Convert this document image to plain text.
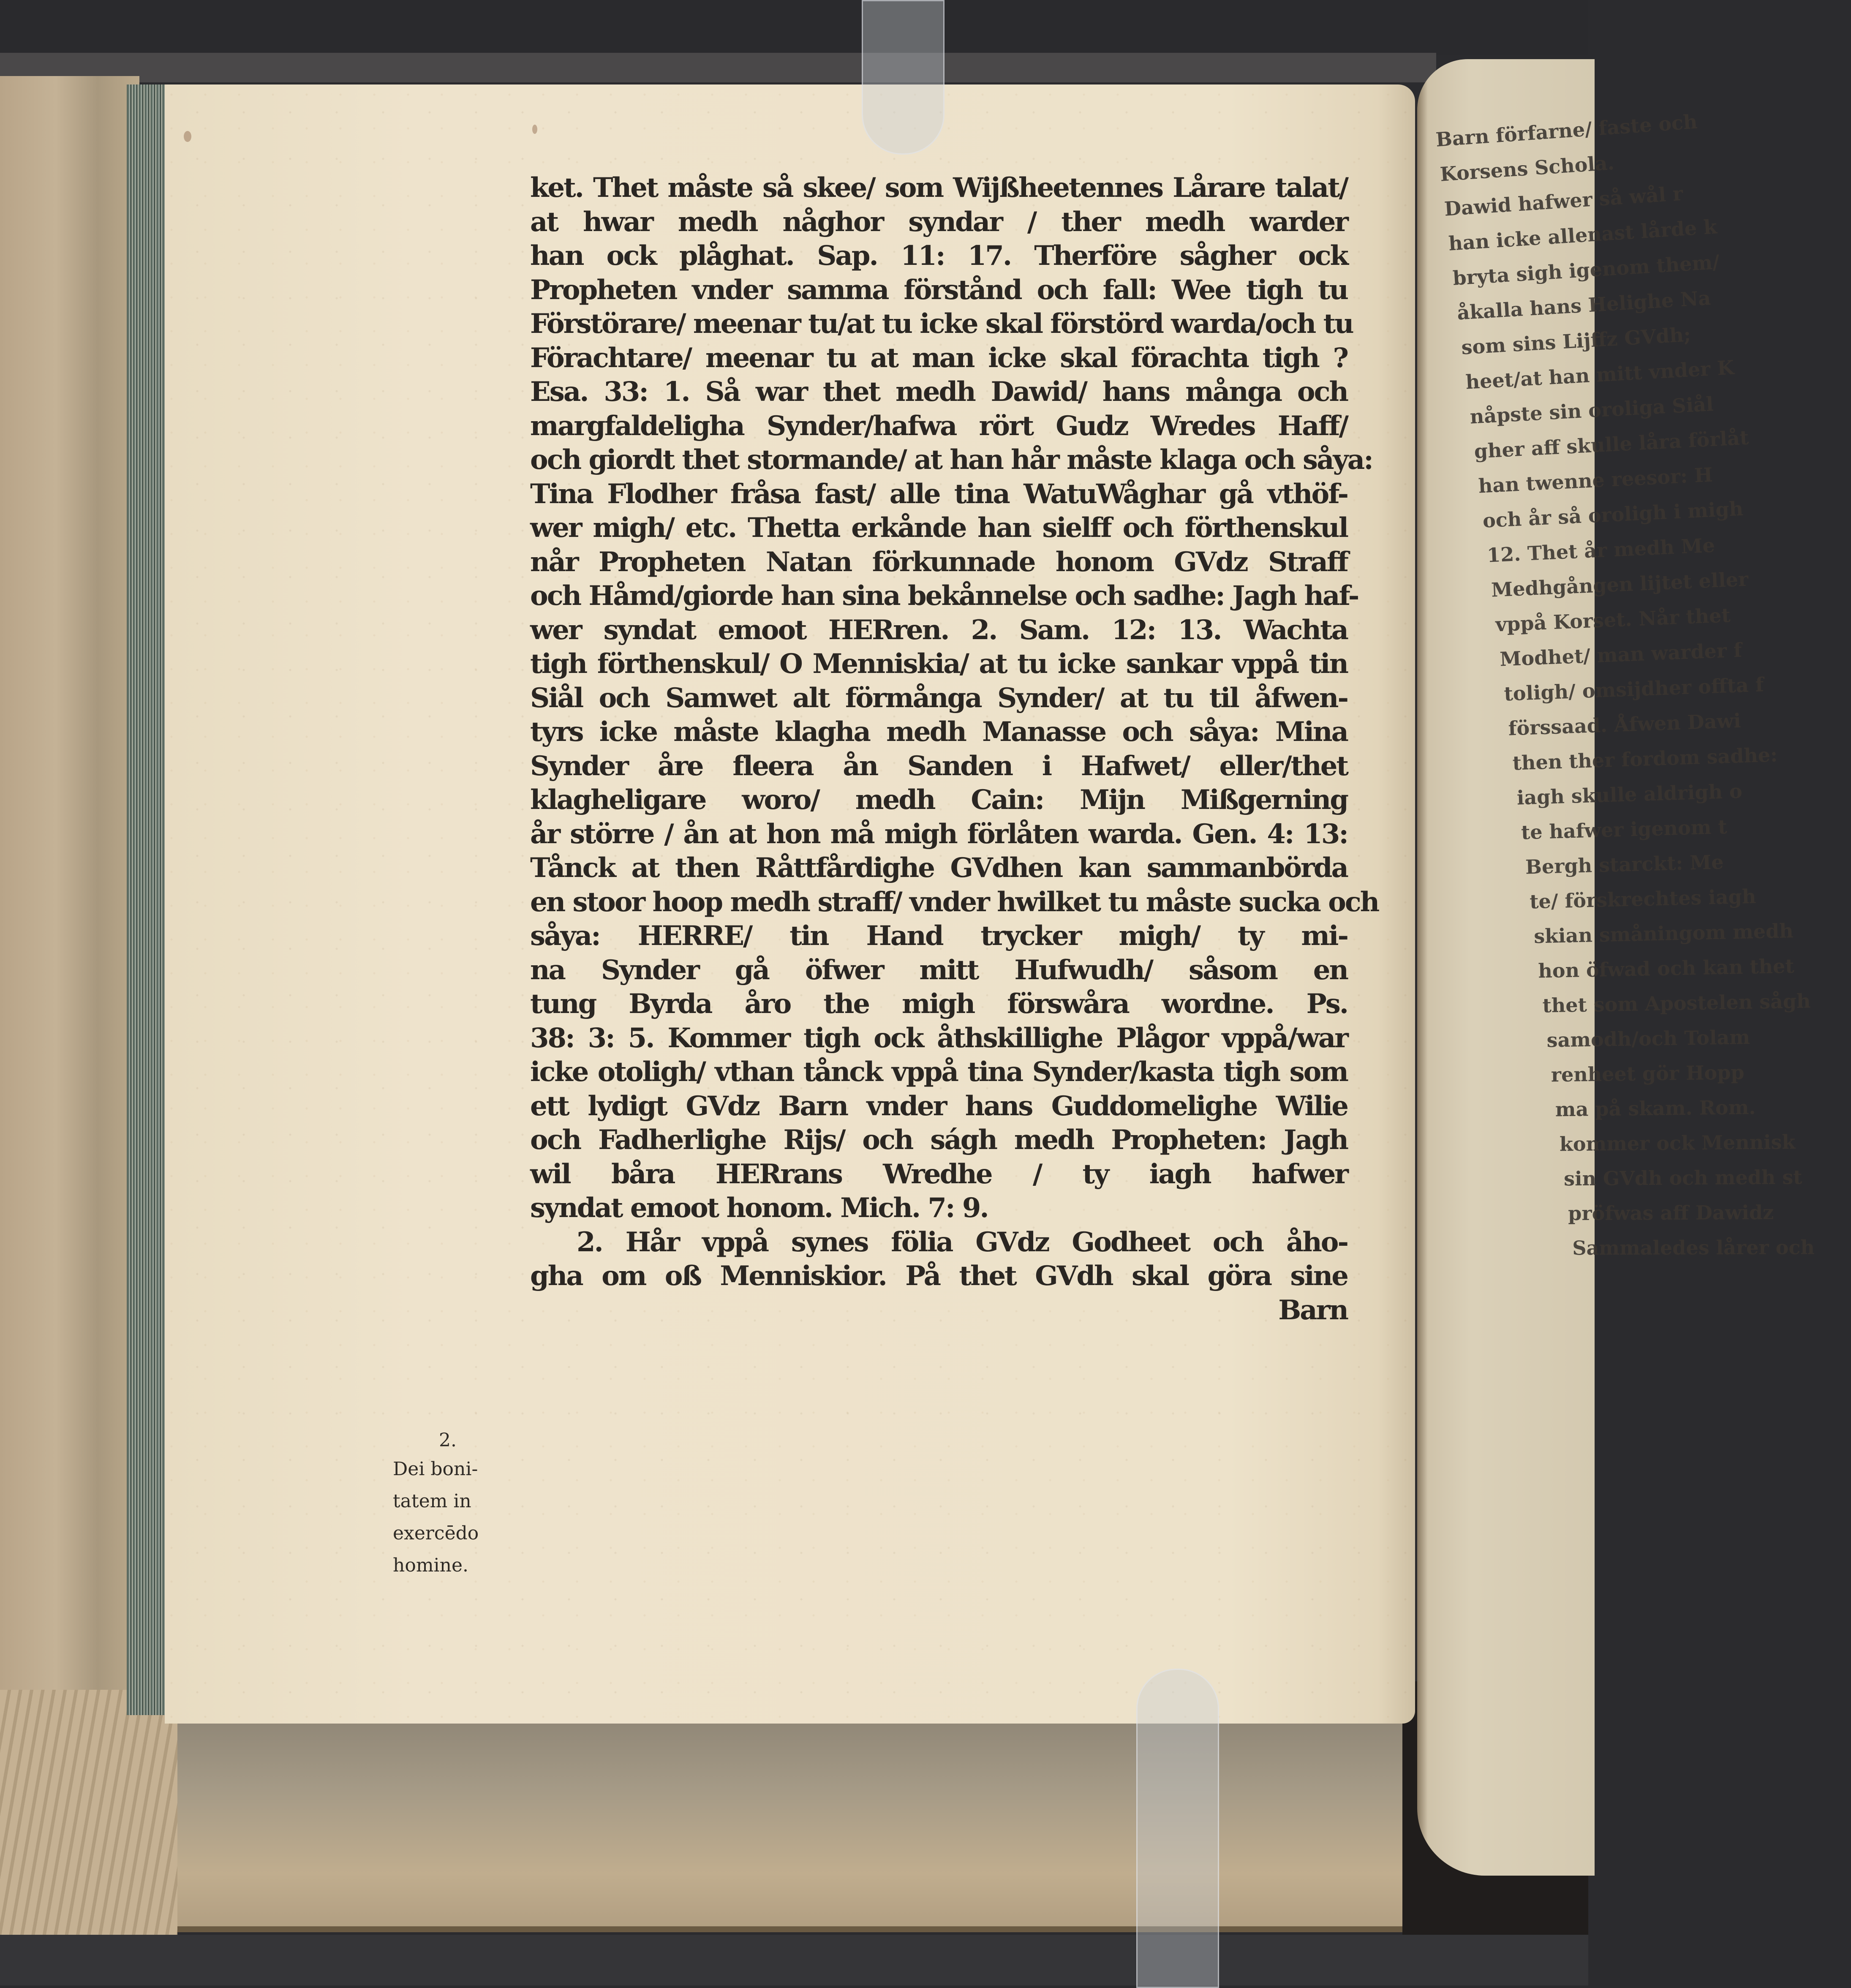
ket. Thet måste så skee/ som Wijßheetennes Lårare talat/
at hwar medh någhor syndar / ther medh warder
han ock plåghat. Sap. 11: 17. Therföre sågher ock
Propheten vnder samma förstånd och fall: Wee tigh tu
Förstörare/ meenar tu/at tu icke skal förstörd warda/och tu
Förachtare/ meenar tu at man icke skal förachta tigh ?
Esa. 33: 1. Så war thet medh Dawid/ hans många och
margfaldeligha Synder/hafwa rört Gudz Wredes Haff/
och giordt thet stormande/ at han hår måste klaga och såya:
Tina Flodher fråsa fast/ alle tina WatuWåghar gå vthöf-
wer migh/ etc. Thetta erkånde han sielff och förthenskul
når Propheten Natan förkunnade honom GVdz Straff
och Håmd/giorde han sina bekånnelse och sadhe: Jagh haf-
wer syndat emoot HERren. 2. Sam. 12: 13. Wachta
tigh förthenskul/ O Menniskia/ at tu icke sankar vppå tin
Siål och Samwet alt förmånga Synder/ at tu til åfwen-
tyrs icke måste klagha medh Manasse och såya: Mina
Synder åre fleera ån Sanden i Hafwet/ eller/thet
klagheligare woro/ medh Cain: Mijn Mißgerning
år större / ån at hon må migh förlåten warda. Gen. 4: 13:
Tånck at then Råttfårdighe GVdhen kan sammanbörda
en stoor hoop medh straff/ vnder hwilket tu måste sucka och
såya: HERRE/ tin Hand trycker migh/ ty mi-
na Synder gå öfwer mitt Hufwudh/ såsom en
tung Byrda åro the migh förswåra wordne. Ps.
38: 3: 5. Kommer tigh ock åthskillighe Plågor vppå/war
icke otoligh/ vthan tånck vppå tina Synder/kasta tigh som
ett lydigt GVdz Barn vnder hans Guddomelighe Wilie
och Fadherlighe Rijs/ och ságh medh Propheten: Jagh
wil båra HERrans Wredhe / ty iagh hafwer
syndat emoot honom. Mich. 7: 9.
2. Hår vppå synes fölia GVdz Godheet och åho-
gha om oß Menniskior. På thet GVdh skal göra sine
Barn
2.
Dei boni-
tatem in
exercēdo
homine.
Barn förfarne/ faste och
Korsens Schola.
Dawid hafwer så wål r
han icke allenast lårde k
bryta sigh igenom them/
åkalla hans Helighe Na
som sins Lijffz GVdh;
heet/at han mitt vnder K
nåpste sin oroliga Siål
gher aff skulle låra förlåt
han twenne reesor: H
och år så oroligh i migh
12. Thet år medh Me
Medhgången lijtet eller
vppå Korset. Når thet
Modhet/ man warder f
toligh/ omsijdher offta f
förssaad. Åfwen Dawi
then ther fordom sadhe:
iagh skulle aldrigh o
te hafwer igenom t
Bergh starckt: Me
te/ förskrechtes iagh
skian småningom medh
hon öfwad och kan thet
thet som Apostelen sågh
samodh/och Tolam
renheet gör Hopp
ma på skam. Rom.
kommer ock Mennisk
sin GVdh och medh st
pröfwas aff Dawidz
Sammaledes lårer och
